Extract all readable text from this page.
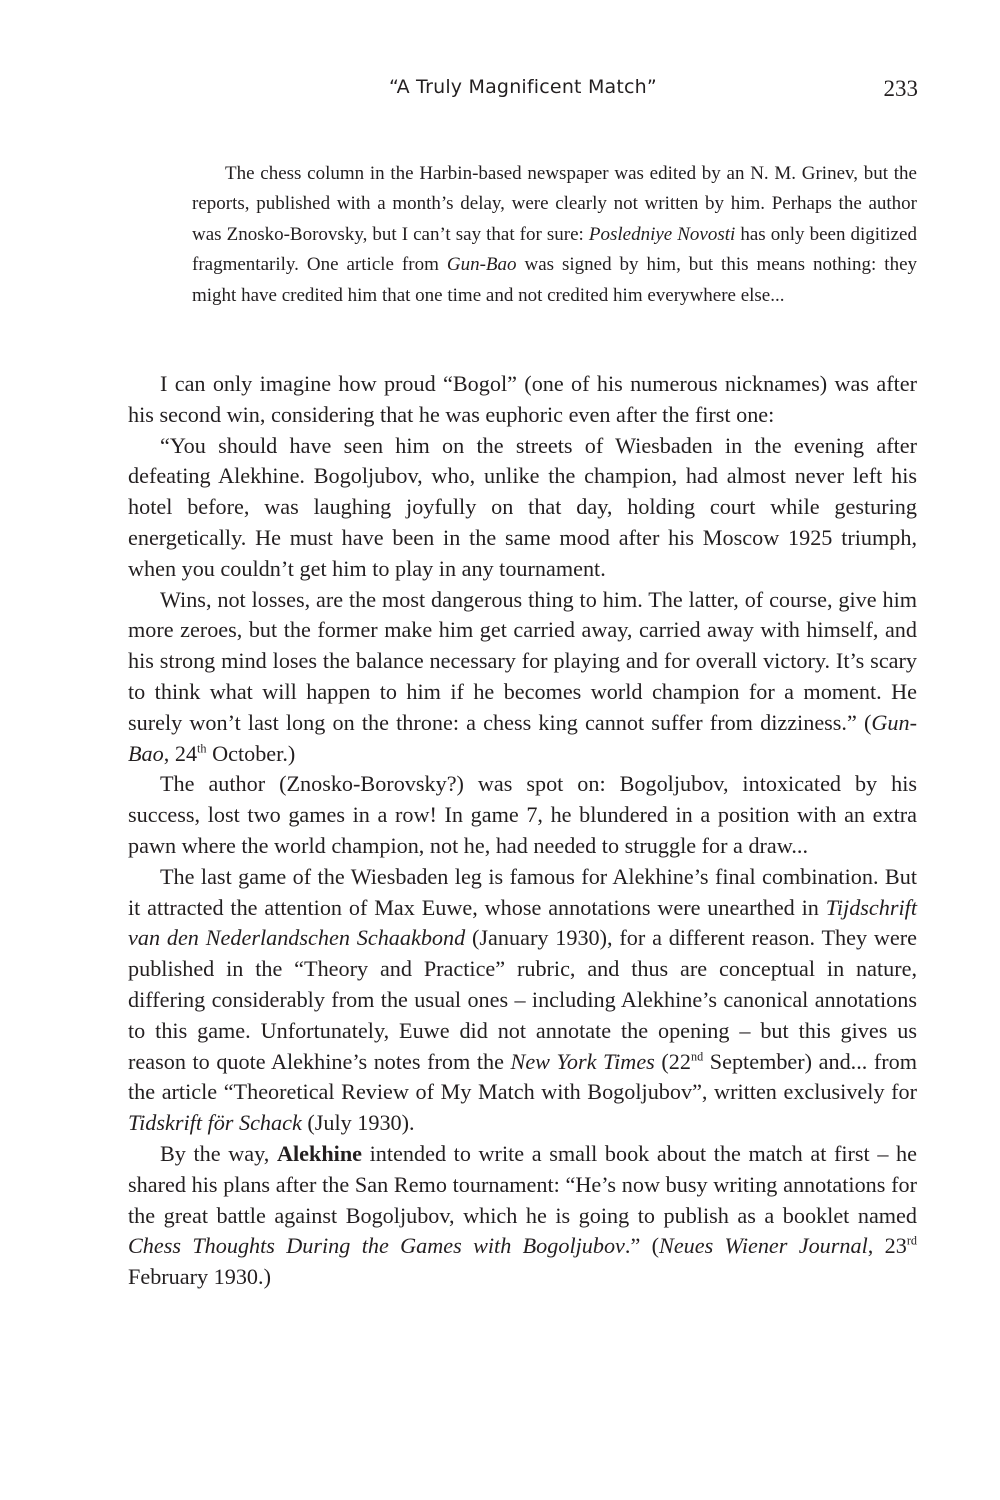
“A Truly Magnificent Match”	233

The chess column in the Harbin-based newspaper was edited by an N. M. Grinev, but the reports, published with a month’s delay, were clearly not written by him. Perhaps the author was Znosko-Borovsky, but I can’t say that for sure: Posledniye Novosti has only been digitized fragmentarily. One article from Gun-Bao was signed by him, but this means nothing: they might have credited him that one time and not credited him everywhere else...

I can only imagine how proud “Bogol” (one of his numerous nicknames) was after his second win, considering that he was euphoric even after the first one:

“You should have seen him on the streets of Wiesbaden in the evening after defeating Alekhine. Bogoljubov, who, unlike the champion, had almost never left his hotel before, was laughing joyfully on that day, holding court while gesturing energetically. He must have been in the same mood after his Moscow 1925 triumph, when you couldn’t get him to play in any tournament.

Wins, not losses, are the most dangerous thing to him. The latter, of course, give him more zeroes, but the former make him get carried away, carried away with himself, and his strong mind loses the balance necessary for playing and for overall victory. It’s scary to think what will happen to him if he becomes world champion for a moment. He surely won’t last long on the throne: a chess king cannot suffer from dizziness.” (Gun-Bao, 24th October.)

The author (Znosko-Borovsky?) was spot on: Bogoljubov, intoxicated by his success, lost two games in a row! In game 7, he blundered in a position with an extra pawn where the world champion, not he, had needed to struggle for a draw...

The last game of the Wiesbaden leg is famous for Alekhine’s final combination. But it attracted the attention of Max Euwe, whose annotations were unearthed in Tijdschrift van den Nederlandschen Schaakbond (January 1930), for a different reason. They were published in the “Theory and Practice” rubric, and thus are conceptual in nature, differing considerably from the usual ones – including Alekhine’s canonical annotations to this game. Unfortunately, Euwe did not annotate the opening – but this gives us reason to quote Alekhine’s notes from the New York Times (22nd September) and... from the article “Theoretical Review of My Match with Bogoljubov”, written exclusively for Tidskrift för Schack (July 1930).

By the way, Alekhine intended to write a small book about the match at first – he shared his plans after the San Remo tournament: “He’s now busy writing annotations for the great battle against Bogoljubov, which he is going to publish as a booklet named Chess Thoughts During the Games with Bogoljubov.” (Neues Wiener Journal, 23rd February 1930.)
